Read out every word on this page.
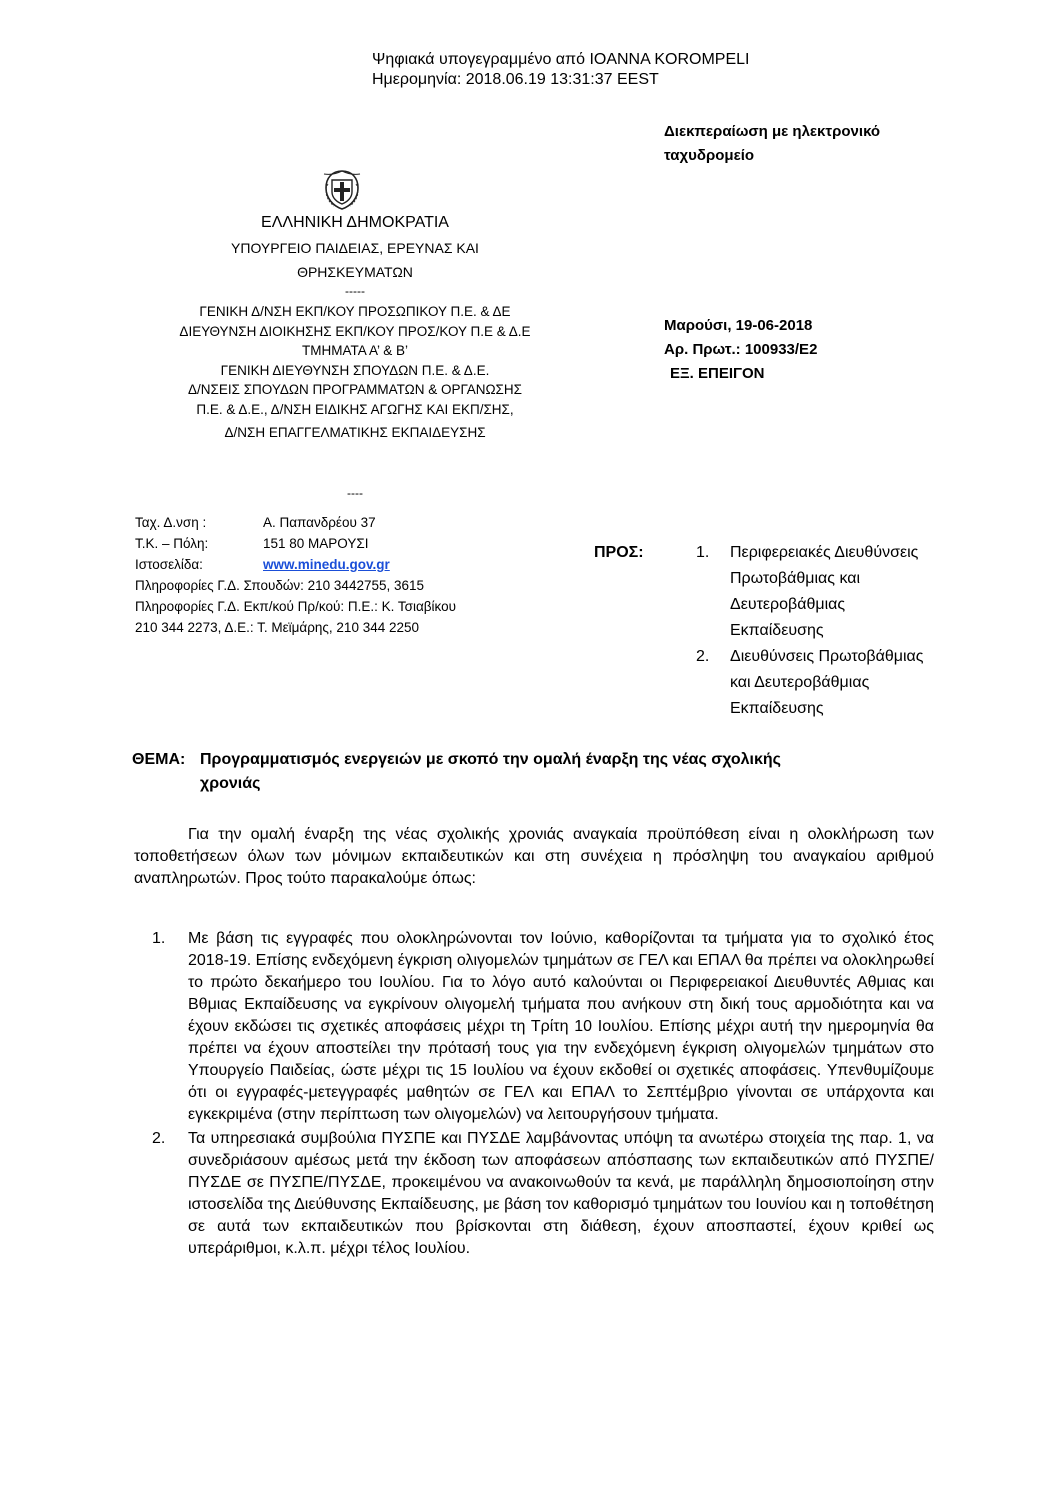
Ψηφιακά υπογεγραμμένο από IOANNA KOROMPELI
Ημερομηνία: 2018.06.19 13:31:37 EEST
Διεκπεραίωση με ηλεκτρονικό
ταχυδρομείο
ΕΛΛΗΝΙΚΗ ΔΗΜΟΚΡΑΤΙΑ
ΥΠΟΥΡΓΕΙΟ ΠΑΙΔΕΙΑΣ, ΕΡΕΥΝΑΣ ΚΑΙ
ΘΡΗΣΚΕΥΜΑΤΩΝ
-----
ΓΕΝΙΚΗ Δ/ΝΣΗ ΕΚΠ/ΚΟΥ ΠΡΟΣΩΠΙΚΟΥ Π.Ε. & ΔΕ
ΔΙΕΥΘΥΝΣΗ ΔΙΟΙΚΗΣΗΣ ΕΚΠ/ΚΟΥ ΠΡΟΣ/ΚΟΥ Π.Ε & Δ.Ε
ΤΜΗΜΑΤΑ Α’ & Β’
ΓΕΝΙΚΗ ΔΙΕΥΘΥΝΣΗ ΣΠΟΥΔΩΝ Π.Ε. & Δ.Ε.
Δ/ΝΣΕΙΣ ΣΠΟΥΔΩΝ ΠΡΟΓΡΑΜΜΑΤΩΝ & ΟΡΓΑΝΩΣΗΣ
Π.Ε. & Δ.Ε., Δ/ΝΣΗ ΕΙΔΙΚΗΣ ΑΓΩΓΗΣ ΚΑΙ ΕΚΠ/ΣΗΣ,
Δ/ΝΣΗ ΕΠΑΓΓΕΛΜΑΤΙΚΗΣ ΕΚΠΑΙΔΕΥΣΗΣ
----
Μαρούσι, 19-06-2018
Αρ. Πρωτ.: 100933/Ε2
ΕΞ. ΕΠΕΙΓΟΝ
Ταχ. Δ.νση :	Α. Παπανδρέου 37
Τ.Κ. – Πόλη:	151 80 ΜΑΡΟΥΣΙ
Ιστοσελίδα:	www.minedu.gov.gr
Πληροφορίες Γ.Δ. Σπουδών: 210 3442755, 3615
Πληροφορίες Γ.Δ. Εκπ/κού Πρ/κού: Π.Ε.: Κ. Τσιαβίκου
210 344 2273, Δ.Ε.: Τ. Μεϊμάρης, 210 344 2250
ΠΡΟΣ:	1. Περιφερειακές Διευθύνσεις
Πρωτοβάθμιας και
Δευτεροβάθμιας
Εκπαίδευσης
2. Διευθύνσεις Πρωτοβάθμιας
και Δευτεροβάθμιας
Εκπαίδευσης
ΘΕΜΑ: Προγραμματισμός ενεργειών με σκοπό την ομαλή έναρξη της νέας σχολικής
χρονιάς
Για την ομαλή έναρξη της νέας σχολικής χρονιάς αναγκαία προϋπόθεση είναι η ολοκλήρωση των τοποθετήσεων όλων των μόνιμων εκπαιδευτικών και στη συνέχεια η πρόσληψη του αναγκαίου αριθμού αναπληρωτών. Προς τούτο παρακαλούμε όπως:
1. Με βάση τις εγγραφές που ολοκληρώνονται τον Ιούνιο, καθορίζονται τα τμήματα για το σχολικό έτος 2018-19. Επίσης ενδεχόμενη έγκριση ολιγομελών τμημάτων σε ΓΕΛ και ΕΠΑΛ θα πρέπει να ολοκληρωθεί το πρώτο δεκαήμερο του Ιουλίου. Για το λόγο αυτό καλούνται οι Περιφερειακοί Διευθυντές Αθμιας και Βθμιας Εκπαίδευσης να εγκρίνουν ολιγομελή τμήματα που ανήκουν στη δική τους αρμοδιότητα και να έχουν εκδώσει τις σχετικές αποφάσεις μέχρι τη Τρίτη 10 Ιουλίου. Επίσης μέχρι αυτή την ημερομηνία θα πρέπει να έχουν αποστείλει την πρότασή τους για την ενδεχόμενη έγκριση ολιγομελών τμημάτων στο Υπουργείο Παιδείας, ώστε μέχρι τις 15 Ιουλίου να έχουν εκδοθεί οι σχετικές αποφάσεις. Υπενθυμίζουμε ότι οι εγγραφές-μετεγγραφές μαθητών σε ΓΕΛ και ΕΠΑΛ το Σεπτέμβριο γίνονται σε υπάρχοντα και εγκεκριμένα (στην περίπτωση των ολιγομελών) να λειτουργήσουν τμήματα.
2. Τα υπηρεσιακά συμβούλια ΠΥΣΠΕ και ΠΥΣΔΕ λαμβάνοντας υπόψη τα ανωτέρω στοιχεία της παρ. 1, να συνεδριάσουν αμέσως μετά την έκδοση των αποφάσεων απόσπασης των εκπαιδευτικών από ΠΥΣΠΕ/ΠΥΣΔΕ σε ΠΥΣΠΕ/ΠΥΣΔΕ, προκειμένου να ανακοινωθούν τα κενά, με παράλληλη δημοσιοποίηση στην ιστοσελίδα της Διεύθυνσης Εκπαίδευσης, με βάση τον καθορισμό τμημάτων του Ιουνίου και η τοποθέτηση σε αυτά των εκπαιδευτικών που βρίσκονται στη διάθεση, έχουν αποσπαστεί, έχουν κριθεί ως υπεράριθμοι, κ.λ.π. μέχρι τέλος Ιουλίου.
